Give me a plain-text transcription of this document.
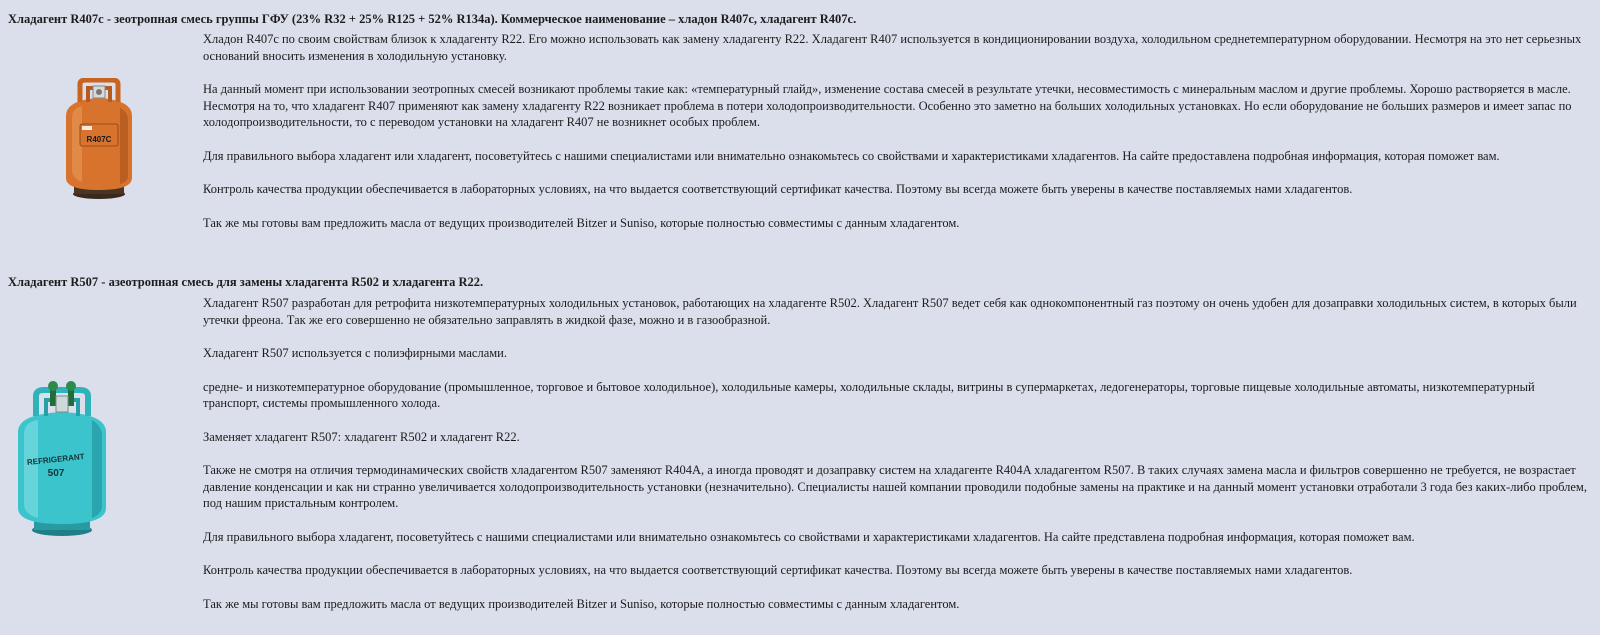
Хладагент R407c - зеотропная смесь группы ГФУ (23% R32 + 25% R125 + 52% R134a). Коммерческое наименование – хладон R407c, хладагент R407c.
R407C

Хладон R407c по своим свойствам близок к хладагенту R22. Его можно использовать как замену хладагенту R22. Хладагент R407 используется в кондиционировании воздуха, холодильном среднетемпературном оборудовании. Несмотря на это нет серьезных оснований вносить изменения в холодильную установку.

На данный момент при использовании зеотропных смесей возникают проблемы такие как: «температурный глайд», изменение состава смесей в результате утечки, несовместимость с минеральным маслом и другие проблемы. Хорошо растворяется в масле. Несмотря на то, что хладагент R407 применяют как замену хладагенту R22 возникает проблема в потери холодопроизводительности. Особенно это заметно на больших холодильных установках. Но если оборудование не больших размеров и имеет запас по холодопроизводительности, то с переводом установки на хладагент R407 не возникнет особых проблем.

Для правильного выбора хладагент или хладагент, посоветуйтесь с нашими специалистами или внимательно ознакомьтесь со свойствами и характеристиками хладагентов. На сайте предоставлена подробная информация, которая поможет вам.

Контроль качества продукции обеспечивается в лабораторных условиях, на что выдается соответствующий сертификат качества. Поэтому вы всегда можете быть уверены в качестве поставляемых нами хладагентов.

Так же мы готовы вам предложить масла от ведущих производителей Bitzer и Suniso, которые полностью совместимы с данным хладагентом.

Хладагент R507 - азеотропная смесь для замены хладагента R502 и хладагента R22.
REFRIGERANT
507

Хладагент R507 разработан для ретрофита низкотемпературных холодильных установок, работающих на хладагенте R502. Хладагент R507 ведет себя как однокомпонентный газ поэтому он очень удобен для дозаправки холодильных систем, в которых были утечки фреона. Так же его совершенно не обязательно заправлять в жидкой фазе, можно и в газообразной.

Хладагент R507 используется с полиэфирными маслами.

средне- и низкотемпературное оборудование (промышленное, торговое и бытовое холодильное), холодильные камеры, холодильные склады, витрины в супермаркетах, ледогенераторы, торговые пищевые холодильные автоматы, низкотемпературный транспорт, системы промышленного холода.

Заменяет хладагент R507: хладагент R502 и хладагент R22.

Также не смотря на отличия термодинамических свойств хладагентом R507 заменяют R404A, а иногда проводят и дозаправку систем на хладагенте R404A хладагентом R507. В таких случаях замена масла и фильтров совершенно не требуется, не возрастает давление конденсации и как ни странно увеличивается холодопроизводительность установки (незначительно). Специалисты нашей компании проводили подобные замены на практике и на данный момент установки отработали 3 года без каких-либо проблем, под нашим пристальным контролем.

Для правильного выбора хладагент, посоветуйтесь с нашими специалистами или внимательно ознакомьтесь со свойствами и характеристиками хладагентов. На сайте представлена подробная информация, которая поможет вам.

Контроль качества продукции обеспечивается в лабораторных условиях, на что выдается соответствующий сертификат качества. Поэтому вы всегда можете быть уверены в качестве поставляемых нами хладагентов.

Так же мы готовы вам предложить масла от ведущих производителей Bitzer и Suniso, которые полностью совместимы с данным хладагентом.
